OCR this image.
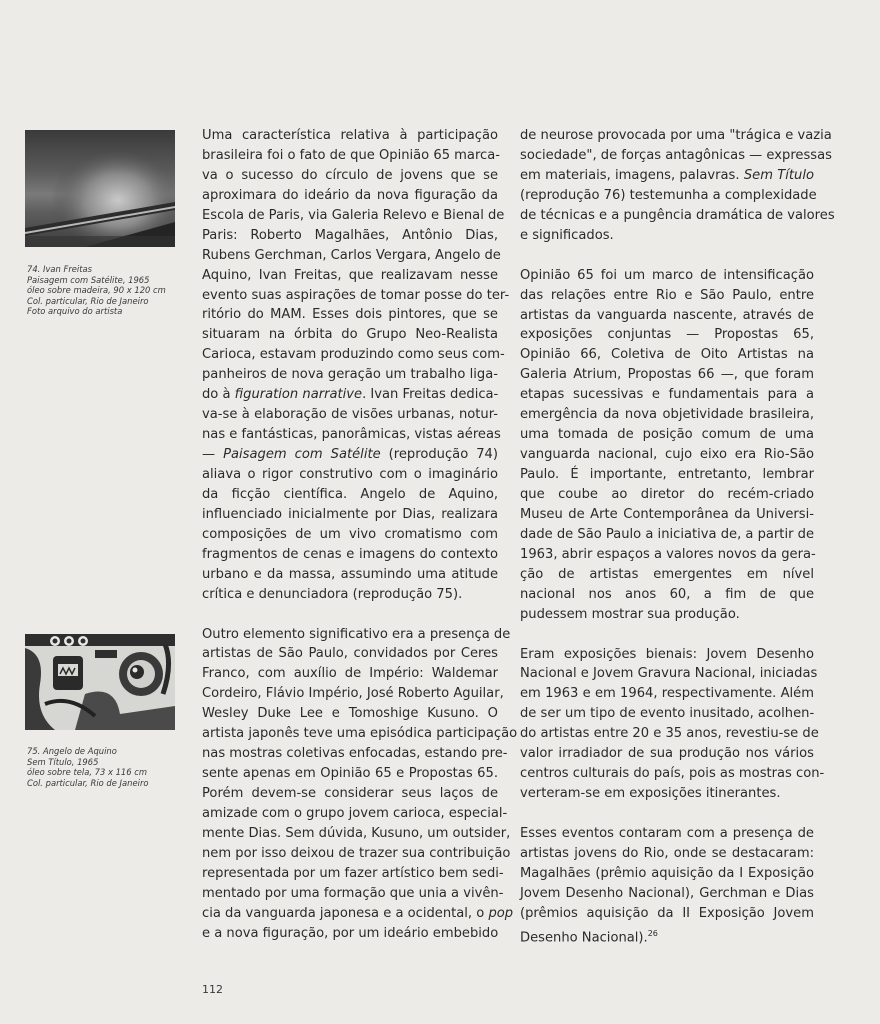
74. Ivan Freitas
Paisagem com Satélite, 1965
óleo sobre madeira, 90 x 120 cm
Col. particular, Rio de Janeiro
Foto arquivo do artista
75. Angelo de Aquino
Sem Título, 1965
óleo sobre tela, 73 x 116 cm
Col. particular, Rio de Janeiro
Uma característica relativa à participação
brasileira foi o fato de que Opinião 65 marca-
va o sucesso do círculo de jovens que se
aproximara do ideário da nova figuração da
Escola de Paris, via Galeria Relevo e Bienal de
Paris: Roberto Magalhães, Antônio Dias,
Rubens Gerchman, Carlos Vergara, Angelo de
Aquino, Ivan Freitas, que realizavam nesse
evento suas aspirações de tomar posse do ter-
ritório do MAM. Esses dois pintores, que se
situaram na órbita do Grupo Neo-Realista
Carioca, estavam produzindo como seus com-
panheiros de nova geração um trabalho liga-
do à figuration narrative. Ivan Freitas dedica-
va-se à elaboração de visões urbanas, notur-
nas e fantásticas, panorâmicas, vistas aéreas
— Paisagem com Satélite (reprodução 74)
aliava o rigor construtivo com o imaginário
da ficção científica. Angelo de Aquino,
influenciado inicialmente por Dias, realizara
composições de um vivo cromatismo com
fragmentos de cenas e imagens do contexto
urbano e da massa, assumindo uma atitude
crítica e denunciadora (reprodução 75).
Outro elemento significativo era a presença de
artistas de São Paulo, convidados por Ceres
Franco, com auxílio de Império: Waldemar
Cordeiro, Flávio Império, José Roberto Aguilar,
Wesley Duke Lee e Tomoshige Kusuno. O
artista japonês teve uma episódica participação
nas mostras coletivas enfocadas, estando pre-
sente apenas em Opinião 65 e Propostas 65.
Porém devem-se considerar seus laços de
amizade com o grupo jovem carioca, especial-
mente Dias. Sem dúvida, Kusuno, um outsider,
nem por isso deixou de trazer sua contribuição
representada por um fazer artístico bem sedi-
mentado por uma formação que unia a vivên-
cia da vanguarda japonesa e a ocidental, o pop
e a nova figuração, por um ideário embebido
de neurose provocada por uma "trágica e vazia
sociedade", de forças antagônicas — expressas
em materiais, imagens, palavras. Sem Título
(reprodução 76) testemunha a complexidade
de técnicas e a pungência dramática de valores
e significados.
Opinião 65 foi um marco de intensificação
das relações entre Rio e São Paulo, entre
artistas da vanguarda nascente, através de
exposições conjuntas — Propostas 65,
Opinião 66, Coletiva de Oito Artistas na
Galeria Atrium, Propostas 66 —, que foram
etapas sucessivas e fundamentais para a
emergência da nova objetividade brasileira,
uma tomada de posição comum de uma
vanguarda nacional, cujo eixo era Rio-São
Paulo. É importante, entretanto, lembrar
que coube ao diretor do recém-criado
Museu de Arte Contemporânea da Universi-
dade de São Paulo a iniciativa de, a partir de
1963, abrir espaços a valores novos da gera-
ção de artistas emergentes em nível
nacional nos anos 60, a fim de que
pudessem mostrar sua produção.
Eram exposições bienais: Jovem Desenho
Nacional e Jovem Gravura Nacional, iniciadas
em 1963 e em 1964, respectivamente. Além
de ser um tipo de evento inusitado, acolhen-
do artistas entre 20 e 35 anos, revestiu-se de
valor irradiador de sua produção nos vários
centros culturais do país, pois as mostras con-
verteram-se em exposições itinerantes.
Esses eventos contaram com a presença de
artistas jovens do Rio, onde se destacaram:
Magalhães (prêmio aquisição da I Exposição
Jovem Desenho Nacional), Gerchman e Dias
(prêmios aquisição da II Exposição Jovem
Desenho Nacional).$^{26}$
112
